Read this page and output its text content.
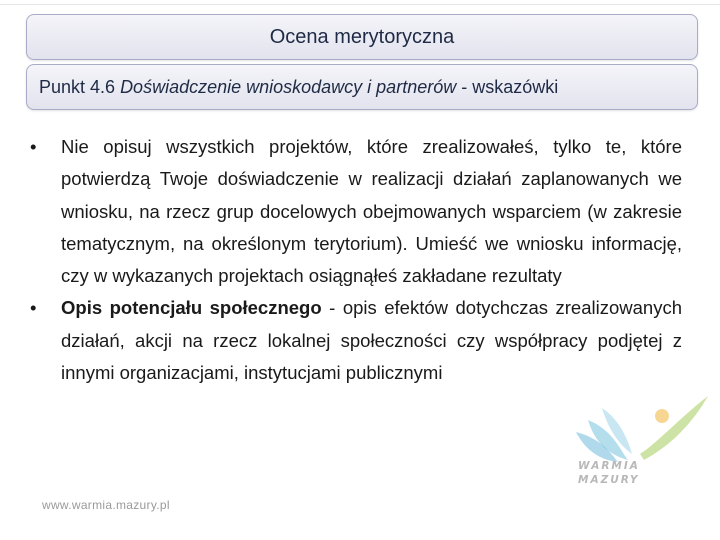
Ocena merytoryczna
Punkt 4.6 Doświadczenie wnioskodawcy i partnerów - wskazówki
•	Nie opisuj wszystkich projektów, które zrealizowałeś, tylko te, które potwierdzą Twoje doświadczenie w realizacji działań zaplanowanych we wniosku, na rzecz grup docelowych obejmowanych wsparciem (w zakresie tematycznym, na określonym terytorium). Umieść we wniosku informację, czy w wykazanych projektach osiągnąłeś zakładane rezultaty
•	Opis potencjału społecznego - opis efektów dotychczas zrealizowanych działań, akcji na rzecz lokalnej społeczności czy współpracy podjętej z innymi organizacjami, instytucjami publicznymi
WARMIA
MAZURY
www.warmia.mazury.pl
